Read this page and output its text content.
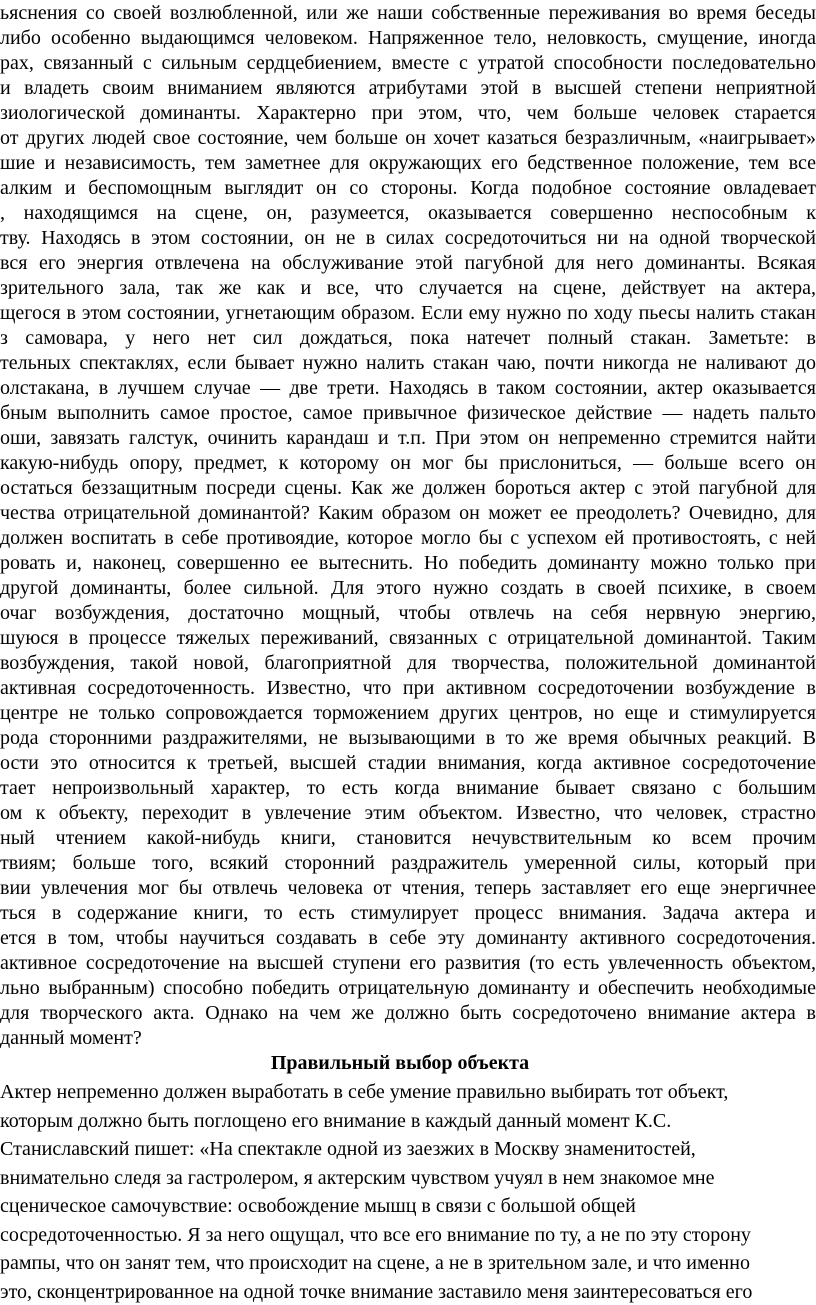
ьяснения со своей возлюбленной, или же наши собственные переживания во время беседы
либо особенно выдающимся человеком. Напряженное тело, неловкость, смущение, иногда
рах, связанный с сильным сердцебиением, вместе с утратой способности последовательно
и владеть своим вниманием являются атрибутами этой в высшей степени неприятной
зиологической доминанты. Характерно при этом, что, чем больше человек старается
от других людей свое состояние, чем больше он хочет казаться безразличным, «наигрывает»
шие и независимость, тем заметнее для окружающих его бедственное положение, тем все
алким и беспомощным выглядит он со стороны. Когда подобное состояние овладевает
, находящимся на сцене, он, разумеется, оказывается совершенно неспособным к
тву. Находясь в этом состоянии, он не в силах сосредоточиться ни на одной творческой
вся его энергия отвлечена на обслуживание этой пагубной для него доминанты. Всякая
зрительного зала, так же как и все, что случается на сцене, действует на актера,
щегося в этом состоянии, угнетающим образом. Если ему нужно по ходу пьесы налить стакан
з самовара, у него нет сил дождаться, пока натечет полный стакан. Заметьте: в
тельных спектаклях, если бывает нужно налить стакан чаю, почти никогда не наливают до
олстакана, в лучшем случае — две трети. Находясь в таком состоянии, актер оказывается
бным выполнить самое простое, самое привычное физическое действие — надеть пальто
оши, завязать галстук, очинить карандаш и т.п. При этом он непременно стремится найти
какую-нибудь опору, предмет, к которому он мог бы прислониться, — больше всего он
остаться беззащитным посреди сцены. Как же должен бороться актер с этой пагубной для
чества отрицательной доминантой? Каким образом он может ее преодолеть? Очевидно, для
должен воспитать в себе противоядие, которое могло бы с успехом ей противостоять, с ней
ровать и, наконец, совершенно ее вытеснить. Но победить доминанту можно только при
другой доминанты, более сильной. Для этого нужно создать в своей психике, в своем
очаг возбуждения, достаточно мощный, чтобы отвлечь на себя нервную энергию,
шуюся в процессе тяжелых переживаний, связанных с отрицательной доминантой. Таким
возбуждения, такой новой, благоприятной для творчества, положительной доминантой
активная сосредоточенность. Известно, что при активном сосредоточении возбуждение в
центре не только сопровождается торможением других центров, но еще и стимулируется
рода сторонними раздражителями, не вызывающими в то же время обычных реакций. В
ости это относится к третьей, высшей стадии внимания, когда активное сосредоточение
тает непроизвольный характер, то есть когда внимание бывает связано с большим
ом к объекту, переходит в увлечение этим объектом. Известно, что человек, страстно
ный чтением какой-нибудь книги, становится нечувствительным ко всем прочим
твиям; больше того, всякий сторонний раздражитель умеренной силы, который при
вии увлечения мог бы отвлечь человека от чтения, теперь заставляет его еще энергичнее
ться в содержание книги, то есть стимулирует процесс внимания. Задача актера и
ется в том, чтобы научиться создавать в себе эту доминанту активного сосредоточения.
активное сосредоточение на высшей ступени его развития (то есть увлеченность объектом,
льно выбранным) способно победить отрицательную доминанту и обеспечить необходимые
для творческого акта. Однако на чем же должно быть сосредоточено внимание актера в
данный момент?
Правильный выбор объекта
Актер непременно должен выработать в себе умение правильно выбирать тот объект,
которым должно быть поглощено его внимание в каждый данный момент К.С.
Станиславский пишет: «На спектакле одной из заезжих в Москву знаменитостей,
внимательно следя за гастролером, я актерским чувством учуял в нем знакомое мне
сценическое самочувствие: освобождение мышц в связи с большой общей
сосредоточенностью. Я за него ощущал, что все его внимание по ту, а не по эту сторону
рампы, что он занят тем, что происходит на сцене, а не в зрительном зале, и что именно
это, сконцентрированное на одной точке внимание заставило меня заинтересоваться его
